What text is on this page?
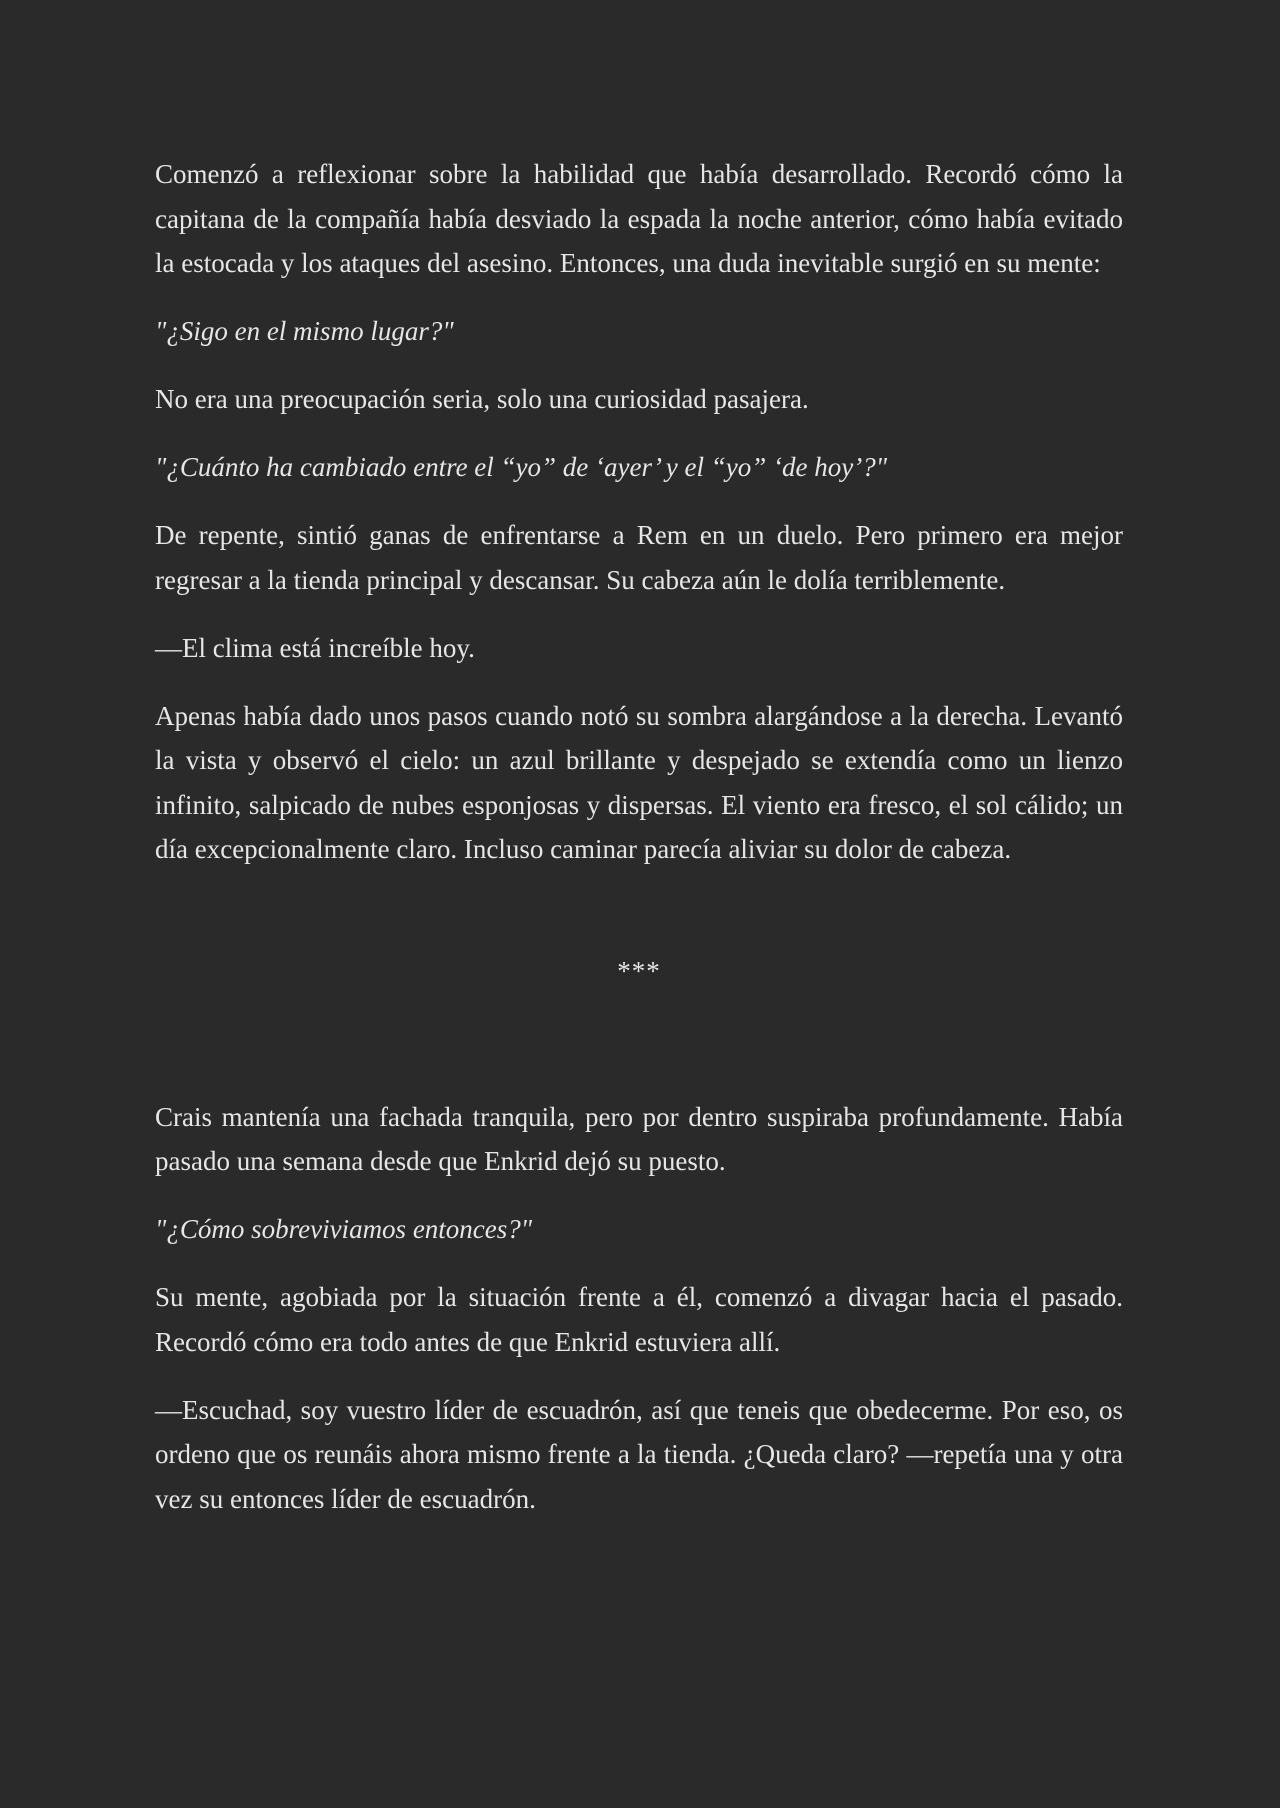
Comenzó a reflexionar sobre la habilidad que había desarrollado. Recordó cómo la capitana de la compañía había desviado la espada la noche anterior, cómo había evitado la estocada y los ataques del asesino. Entonces, una duda inevitable surgió en su mente:

"¿Sigo en el mismo lugar?"

No era una preocupación seria, solo una curiosidad pasajera.

"¿Cuánto ha cambiado entre el “yo” de ‘ayer’ y el “yo” ‘de hoy’?"

De repente, sintió ganas de enfrentarse a Rem en un duelo. Pero primero era mejor regresar a la tienda principal y descansar. Su cabeza aún le dolía terriblemente.

—El clima está increíble hoy.

Apenas había dado unos pasos cuando notó su sombra alargándose a la derecha. Levantó la vista y observó el cielo: un azul brillante y despejado se extendía como un lienzo infinito, salpicado de nubes esponjosas y dispersas. El viento era fresco, el sol cálido; un día excepcionalmente claro. Incluso caminar parecía aliviar su dolor de cabeza.

***

Crais mantenía una fachada tranquila, pero por dentro suspiraba profundamente. Había pasado una semana desde que Enkrid dejó su puesto.

"¿Cómo sobreviviamos entonces?"

Su mente, agobiada por la situación frente a él, comenzó a divagar hacia el pasado. Recordó cómo era todo antes de que Enkrid estuviera allí.

—Escuchad, soy vuestro líder de escuadrón, así que teneis que obedecerme. Por eso, os ordeno que os reunáis ahora mismo frente a la tienda. ¿Queda claro? —repetía una y otra vez su entonces líder de escuadrón.
